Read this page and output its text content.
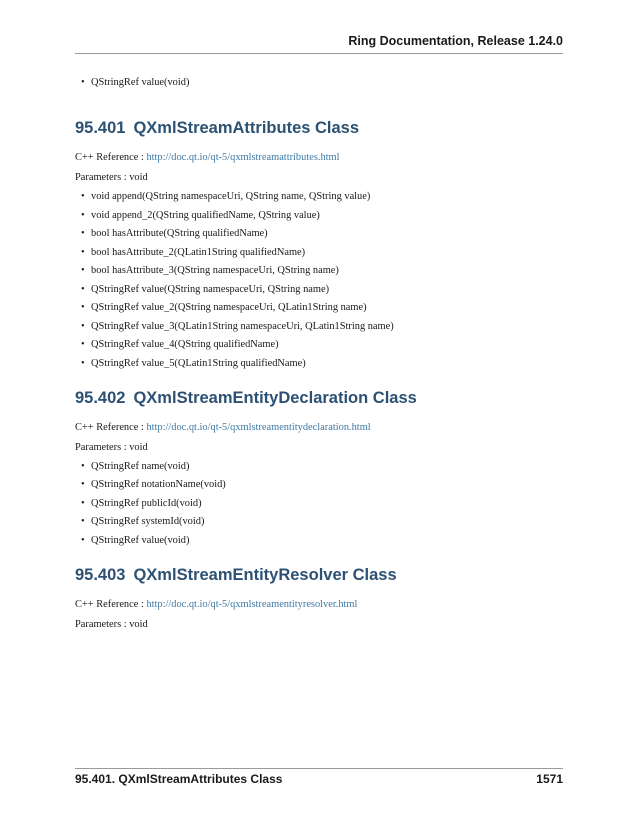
Ring Documentation, Release 1.24.0
• QStringRef value(void)
95.401 QXmlStreamAttributes Class

C++ Reference : http://doc.qt.io/qt-5/qxmlstreamattributes.html

Parameters : void

• void append(QString namespaceUri, QString name, QString value)
• void append_2(QString qualifiedName, QString value)
• bool hasAttribute(QString qualifiedName)
• bool hasAttribute_2(QLatin1String qualifiedName)
• bool hasAttribute_3(QString namespaceUri, QString name)
• QStringRef value(QString namespaceUri, QString name)
• QStringRef value_2(QString namespaceUri, QLatin1String name)
• QStringRef value_3(QLatin1String namespaceUri, QLatin1String name)
• QStringRef value_4(QString qualifiedName)
• QStringRef value_5(QLatin1String qualifiedName)
95.402 QXmlStreamEntityDeclaration Class

C++ Reference : http://doc.qt.io/qt-5/qxmlstreamentitydeclaration.html

Parameters : void

• QStringRef name(void)
• QStringRef notationName(void)
• QStringRef publicId(void)
• QStringRef systemId(void)
• QStringRef value(void)
95.403 QXmlStreamEntityResolver Class

C++ Reference : http://doc.qt.io/qt-5/qxmlstreamentityresolver.html

Parameters : void

95.401. QXmlStreamAttributes Class	1571
